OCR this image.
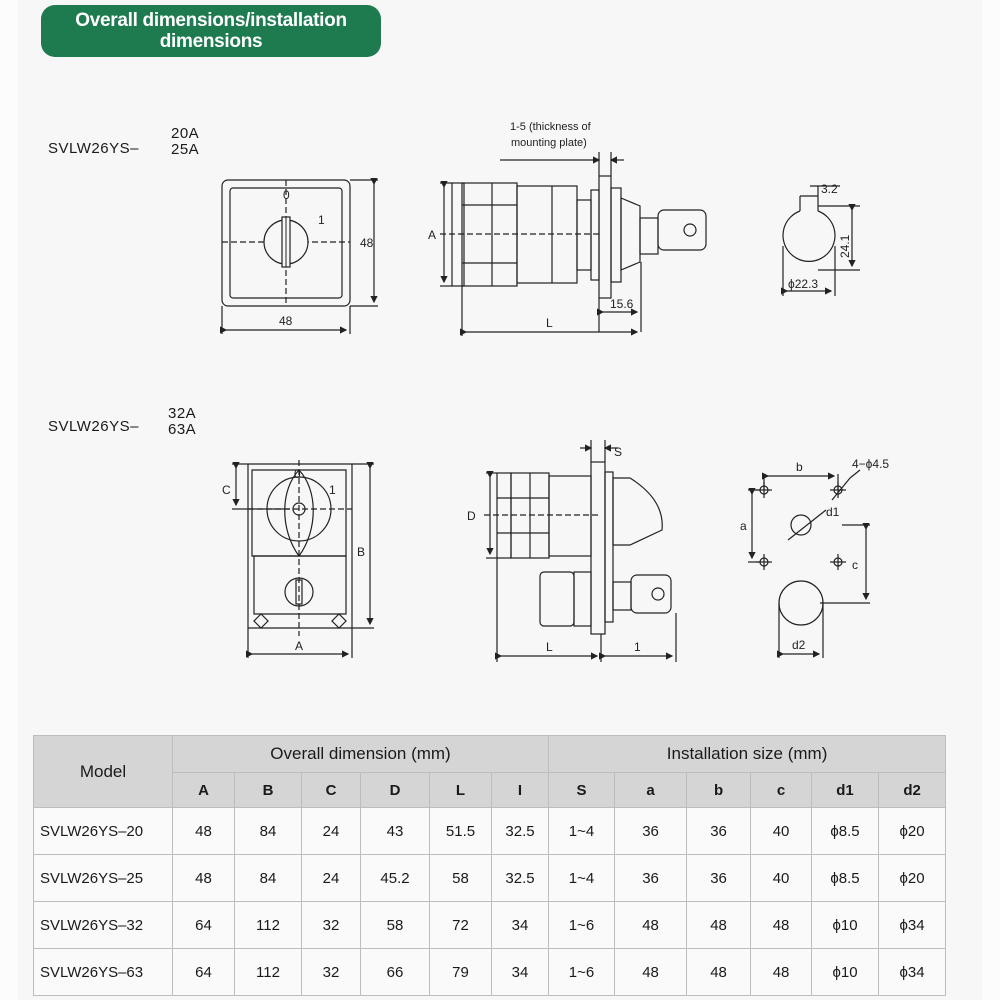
Overall dimensions/installation
dimensions
SVLW26YS–
20A
25A
SVLW26YS–
32A
63A
0
1
48
48
1-5 (thickness of
mounting plate)
A
15.6
L
3.2
24.1
ϕ22.3
0
1
C
B
A
S
D
L	1
b	4−ϕ4.5
a
d1
c
d2
Model	Overall dimension (mm)						Installation size (mm)					
	A	B	C	D	L	I	S	a	b	c	d1	d2
SVLW26YS–20	48	84	24	43	51.5	32.5	1~4	36	36	40	ϕ8.5	ϕ20
SVLW26YS–25	48	84	24	45.2	58	32.5	1~4	36	36	40	ϕ8.5	ϕ20
SVLW26YS–32	64	112	32	58	72	34	1~6	48	48	48	ϕ10	ϕ34
SVLW26YS–63	64	112	32	66	79	34	1~6	48	48	48	ϕ10	ϕ34
